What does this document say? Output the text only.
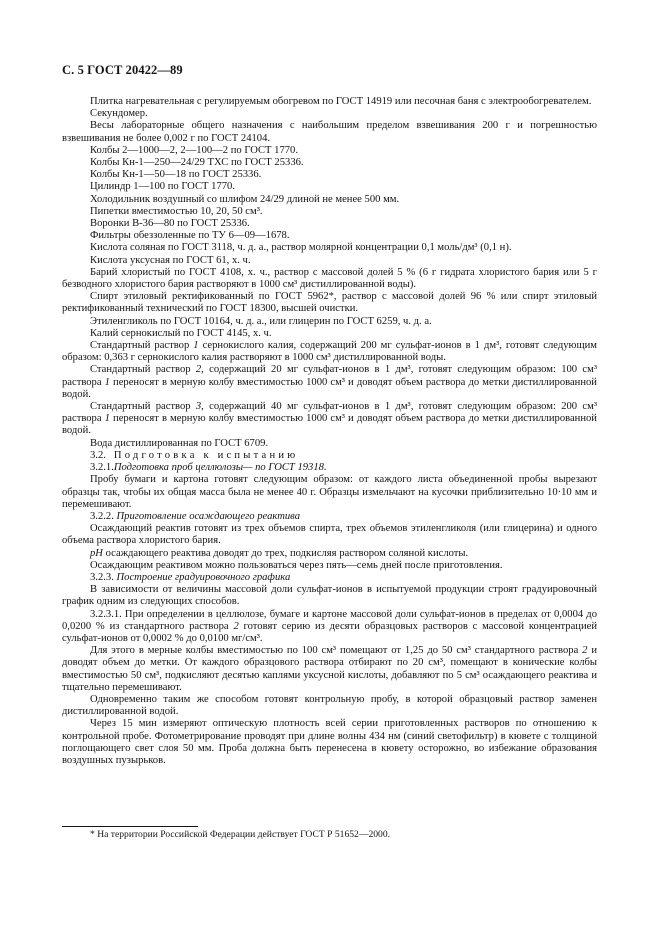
С. 5 ГОСТ 20422—89

Плитка нагревательная с регулируемым обогревом по ГОСТ 14919 или песочная баня с электрообогревателем.

Секундомер.

Весы лабораторные общего назначения с наибольшим пределом взвешивания 200 г и погрешностью взвешивания не более 0,002 г по ГОСТ 24104.

Колбы 2—1000—2, 2—100—2 по ГОСТ 1770.

Колбы Кн-1—250—24/29 ТХС по ГОСТ 25336.

Колбы Кн-1—50—18 по ГОСТ 25336.

Цилиндр 1—100 по ГОСТ 1770.

Холодильник воздушный со шлифом 24/29 длиной не менее 500 мм.

Пипетки вместимостью 10, 20, 50 см³.

Воронки В-36—80 по ГОСТ 25336.

Фильтры обеззоленные по ТУ 6—09—1678.

Кислота соляная по ГОСТ 3118, ч. д. а., раствор молярной концентрации 0,1 моль/дм³ (0,1 н).

Кислота уксусная по ГОСТ 61, х. ч.

Барий хлористый по ГОСТ 4108, х. ч., раствор с массовой долей 5 % (6 г гидрата хлористого бария или 5 г безводного хлористого бария растворяют в 1000 см³ дистиллированной воды).

Спирт этиловый ректификованный по ГОСТ 5962*, раствор с массовой долей 96 % или спирт этиловый ректификованный технический по ГОСТ 18300, высшей очистки.

Этиленгликоль по ГОСТ 10164, ч. д. а., или глицерин по ГОСТ 6259, ч. д. а.

Калий сернокислый по ГОСТ 4145, х. ч.

Стандартный раствор 1 сернокислого калия, содержащий 200 мг сульфат-ионов в 1 дм³, готовят следующим образом: 0,363 г сернокислого калия растворяют в 1000 см³ дистиллированной воды.

Стандартный раствор 2, содержащий 20 мг сульфат-ионов в 1 дм³, готовят следующим образом: 100 см³ раствора 1 переносят в мерную колбу вместимостью 1000 см³ и доводят объем раствора до метки дистиллированной водой.

Стандартный раствор 3, содержащий 40 мг сульфат-ионов в 1 дм³, готовят следующим образом: 200 см³ раствора 1 переносят в мерную колбу вместимостью 1000 см³ и доводят объем раствора до метки дистиллированной водой.

Вода дистиллированная по ГОСТ 6709.

3.2. Подготовка к испытанию

3.2.1.Подготовка проб целлюлозы— по ГОСТ 19318.

Пробу бумаги и картона готовят следующим образом: от каждого листа объединенной пробы вырезают образцы так, чтобы их общая масса была не менее 40 г. Образцы измельчают на кусочки приблизительно 10·10 мм и перемешивают.

3.2.2. Приготовление осаждающего реактива

Осаждающий реактив готовят из трех объемов спирта, трех объемов этиленгликоля (или глицерина) и одного объема раствора хлористого бария.

pH осаждающего реактива доводят до трех, подкисляя раствором соляной кислоты.

Осаждающим реактивом можно пользоваться через пять—семь дней после приготовления.

3.2.3. Построение градуировочного графика

В зависимости от величины массовой доли сульфат-ионов в испытуемой продукции строят градуировочный график одним из следующих способов.

3.2.3.1. При определении в целлюлозе, бумаге и картоне массовой доли сульфат-ионов в пределах от 0,0004 до 0,0200 % из стандартного раствора 2 готовят серию из десяти образцовых растворов с массовой концентрацией сульфат-ионов от 0,0002 % до 0,0100 мг/см³.

Для этого в мерные колбы вместимостью по 100 см³ помещают от 1,25 до 50 см³ стандартного раствора 2 и доводят объем до метки. От каждого образцового раствора отбирают по 20 см³, помещают в конические колбы вместимостью 50 см³, подкисляют десятью каплями уксусной кислоты, добавляют по 5 см³ осаждающего реактива и тщательно перемешивают.

Одновременно таким же способом готовят контрольную пробу, в которой образцовый раствор заменен дистиллированной водой.

Через 15 мин измеряют оптическую плотность всей серии приготовленных растворов по отношению к контрольной пробе. Фотометрирование проводят при длине волны 434 нм (синий светофильтр) в кювете с толщиной поглощающего свет слоя 50 мм. Проба должна быть перенесена в кювету осторожно, во избежание образования воздушных пузырьков.

* На территории Российской Федерации действует ГОСТ Р 51652—2000.
